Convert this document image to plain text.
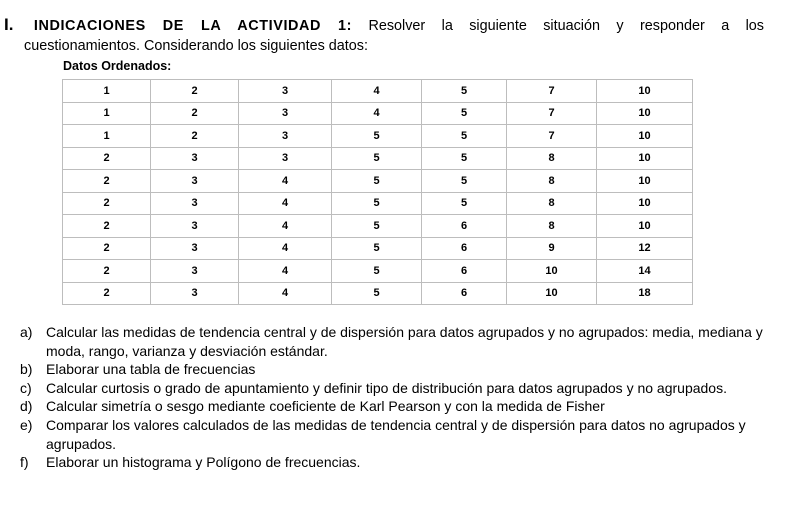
I. INDICACIONES DE LA ACTIVIDAD 1: Resolver la siguiente situación y responder a los
cuestionamientos. Considerando los siguientes datos:
Datos Ordenados:
1	2	3	4	5	7	10
1	2	3	4	5	7	10
1	2	3	5	5	7	10
2	3	3	5	5	8	10
2	3	4	5	5	8	10
2	3	4	5	5	8	10
2	3	4	5	6	8	10
2	3	4	5	6	9	12
2	3	4	5	6	10	14
2	3	4	5	6	10	18
a) Calcular las medidas de tendencia central y de dispersión para datos agrupados y no agrupados: media, mediana y moda, rango, varianza y desviación estándar.
b) Elaborar una tabla de frecuencias
c) Calcular curtosis o grado de apuntamiento y definir tipo de distribución para datos agrupados y no agrupados.
d) Calcular simetría o sesgo mediante coeficiente de Karl Pearson y con la medida de Fisher
e) Comparar los valores calculados de las medidas de tendencia central y de dispersión para datos no agrupados y agrupados.
f) Elaborar un histograma y Polígono de frecuencias.
